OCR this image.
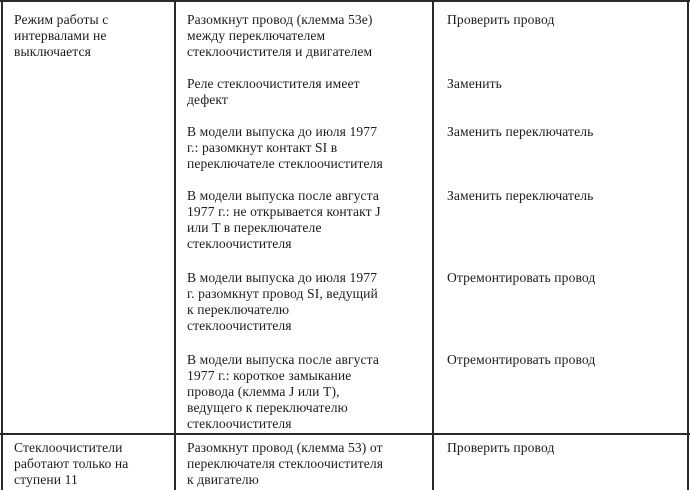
Режим работы с
интервалами не
выключается
Разомкнут провод (клемма 53е)
между переключателем
стеклоочистителя и двигателем
Проверить провод
Реле стеклоочистителя имеет
дефект
Заменить
В модели выпуска до июля 1977
г.: разомкнут контакт SI в
переключателе стеклоочистителя
Заменить переключатель
В модели выпуска после августа
1977 г.: не открывается контакт J
или T в переключателе
стеклоочистителя
Заменить переключатель
В модели выпуска до июля 1977
г. разомкнут провод SI, ведущий
к переключателю
стеклоочистителя
Отремонтировать провод
В модели выпуска после августа
1977 г.: короткое замыкание
провода (клемма J или T),
ведущего к переключателю
стеклоочистителя
Отремонтировать провод
Стеклоочистители
работают только на
ступени 11
Разомкнут провод (клемма 53) от
переключателя стеклоочистителя
к двигателю
Проверить провод
